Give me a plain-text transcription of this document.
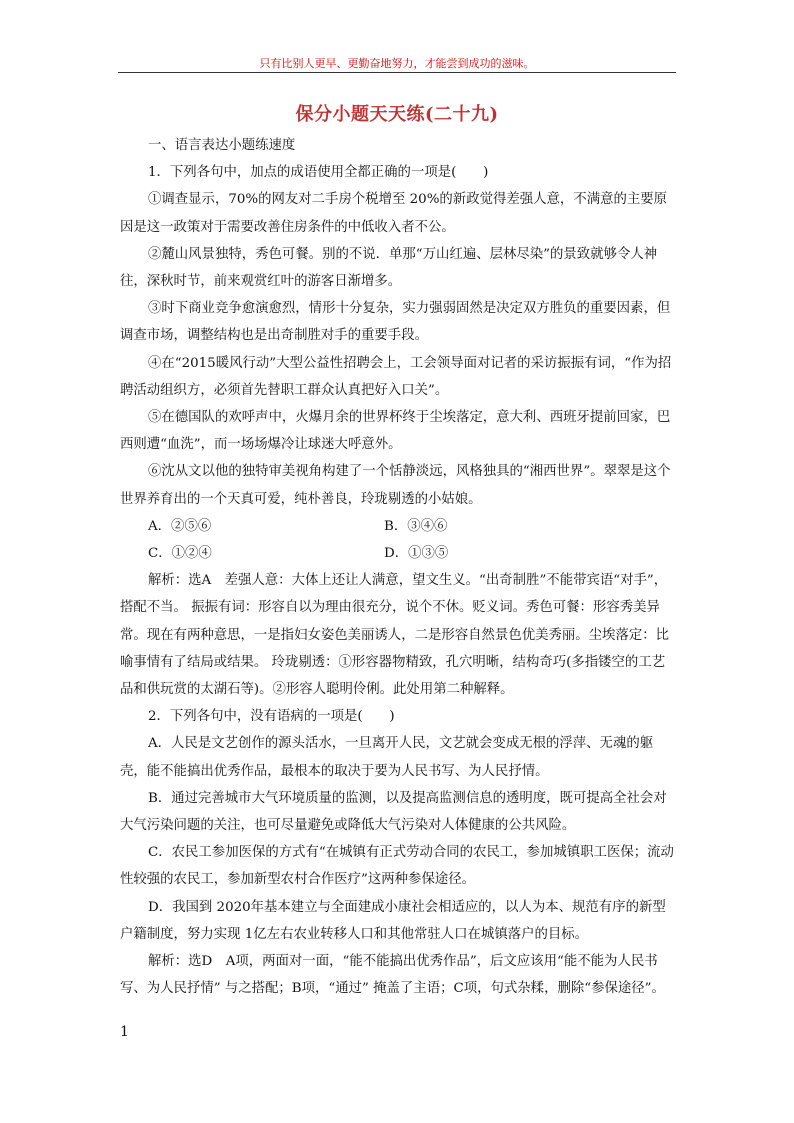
只有比别人更早、更勤奋地努力，才能尝到成功的滋味。
保分小题天天练(二十九)

一、语言表达小题练速度

1．下列各句中，加点的成语使用全都正确的一项是(　　)

①调查显示，70%的网友对二手房个税增至 20%的新政觉得差强人意，不满意的主要原因是这一政策对于需要改善住房条件的中低收入者不公。

②麓山风景独特，秀色可餐。别的不说．单那“万山红遍、层林尽染”的景致就够令人神往，深秋时节，前来观赏红叶的游客日渐增多。

③时下商业竞争愈演愈烈，情形十分复杂，实力强弱固然是决定双方胜负的重要因素，但调查市场，调整结构也是出奇制胜对手的重要手段。

④在“2015暖风行动”大型公益性招聘会上，工会领导面对记者的采访振振有词，“作为招聘活动组织方，必须首先替职工群众认真把好入口关”。

⑤在德国队的欢呼声中，火爆月余的世界杯终于尘埃落定，意大利、西班牙提前回家，巴西则遭“血洗”，而一场场爆冷让球迷大呼意外。

⑥沈从文以他的独特审美视角构建了一个恬静淡远，风格独具的“湘西世界”。翠翠是这个世界养育出的一个天真可爱，纯朴善良，玲珑剔透的小姑娘。

A．②⑤⑥	B．③④⑥
C．①②④	D．①③⑤

解析：选A　差强人意：大体上还让人满意，望文生义。“出奇制胜”不能带宾语“对手”，搭配不当。 振振有词：形容自以为理由很充分，说个不休。贬义词。秀色可餐：形容秀美异常。现在有两种意思，一是指妇女姿色美丽诱人，二是形容自然景色优美秀丽。尘埃落定：比喻事情有了结局或结果。 玲珑剔透：①形容器物精致，孔穴明晰，结构奇巧(多指镂空的工艺品和供玩赏的太湖石等)。②形容人聪明伶俐。此处用第二种解释。

2．下列各句中，没有语病的一项是(　　)

A．人民是文艺创作的源头活水，一旦离开人民，文艺就会变成无根的浮萍、无魂的躯壳，能不能搞出优秀作品，最根本的取决于要为人民书写、为人民抒情。

B．通过完善城市大气环境质量的监测，以及提高监测信息的透明度，既可提高全社会对大气污染问题的关注，也可尽量避免或降低大气污染对人体健康的公共风险。

C．农民工参加医保的方式有“在城镇有正式劳动合同的农民工，参加城镇职工医保；流动性较强的农民工，参加新型农村合作医疗”这两种参保途径。

D．我国到 2020年基本建立与全面建成小康社会相适应的，以人为本、规范有序的新型户籍制度，努力实现 1亿左右农业转移人口和其他常驻人口在城镇落户的目标。

解析：选D　A项，两面对一面，“能不能搞出优秀作品”，后文应该用“能不能为人民书写、为人民抒情” 与之搭配；B项，“通过” 掩盖了主语；C项，句式杂糅，删除“参保途径”。

1
